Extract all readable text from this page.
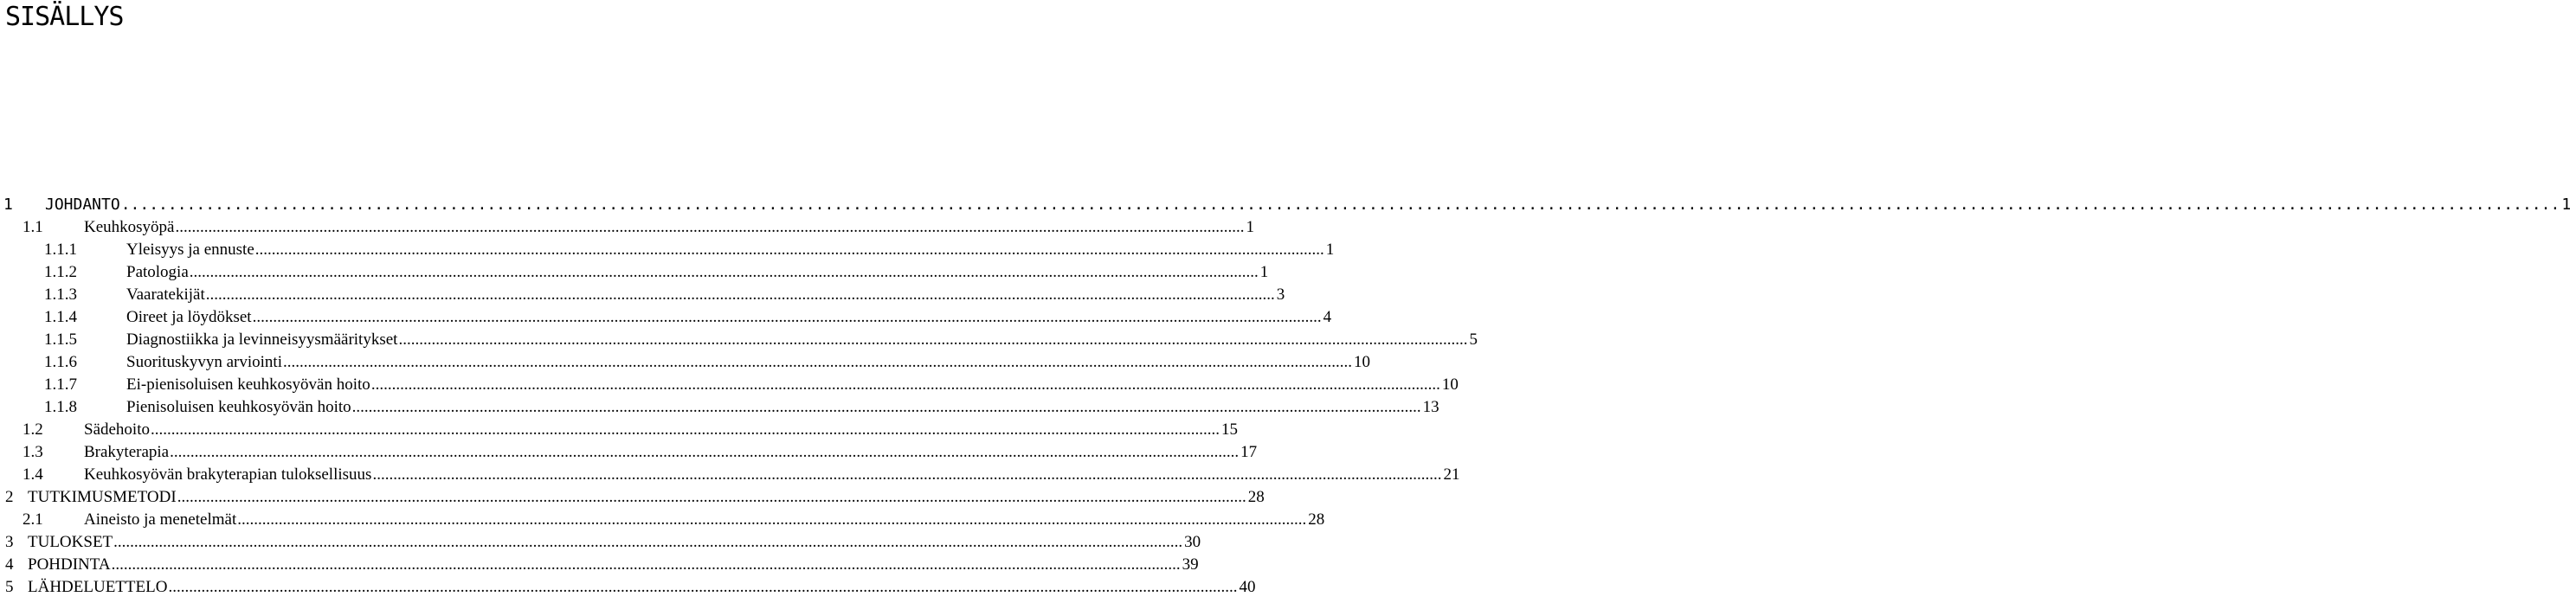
SISÄLLYS
1 JOHDANTO .................................................................................................................................................................................................................................................................... 1
1.1 Keuhkosyöpä .................................................................................................................................................................................................................................................................... 1
1.1.1	Yleisyys ja ennuste .................................................................................................................................................................................................................................................................... 1
1.1.2	Patologia .................................................................................................................................................................................................................................................................... 1
1.1.3	Vaaratekijät .................................................................................................................................................................................................................................................................... 3
1.1.4	Oireet ja löydökset .................................................................................................................................................................................................................................................................... 4
1.1.5	Diagnostiikka ja levinneisyysmääritykset .................................................................................................................................................................................................................................................................... 5
1.1.6	Suorituskyvyn arviointi .................................................................................................................................................................................................................................................................... 10
1.1.7	Ei-pienisoluisen keuhkosyövän hoito .................................................................................................................................................................................................................................................................... 10
1.1.8	Pienisoluisen keuhkosyövän hoito .................................................................................................................................................................................................................................................................... 13
1.2 Sädehoito .................................................................................................................................................................................................................................................................... 15
1.3 Brakyterapia .................................................................................................................................................................................................................................................................... 17
1.4 Keuhkosyövän brakyterapian tuloksellisuus .................................................................................................................................................................................................................................................................... 21
2 TUTKIMUSMETODI .................................................................................................................................................................................................................................................................... 28
2.1 Aineisto ja menetelmät .................................................................................................................................................................................................................................................................... 28
3 TULOKSET .................................................................................................................................................................................................................................................................... 30
4 POHDINTA .................................................................................................................................................................................................................................................................... 39
5 LÄHDELUETTELO .................................................................................................................................................................................................................................................................... 40
